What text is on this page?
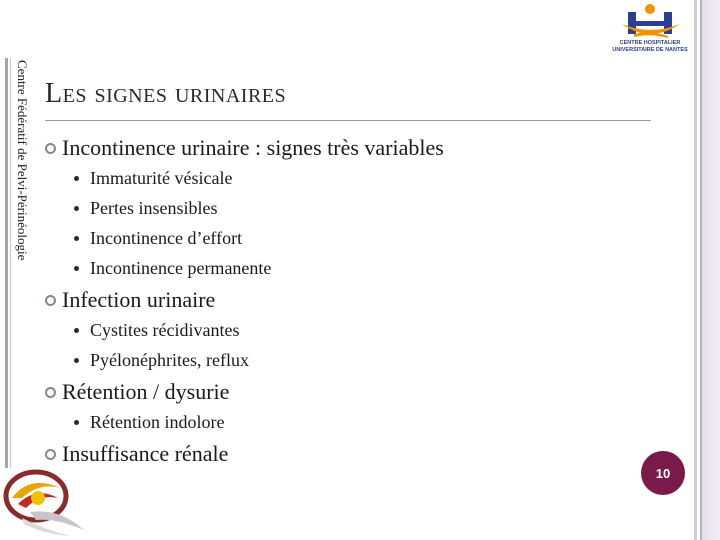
Centre Fédératif de Pelvi-Périnéologie
CENTRE HOSPITALIER
UNIVERSITAIRE DE NANTES
Les signes urinaires
Incontinence urinaire : signes très variables
Immaturité vésicale
Pertes insensibles
Incontinence d’effort
Incontinence permanente
Infection urinaire
Cystites récidivantes
Pyélonéphrites, reflux
Rétention / dysurie
Rétention indolore
Insuffisance rénale
10
